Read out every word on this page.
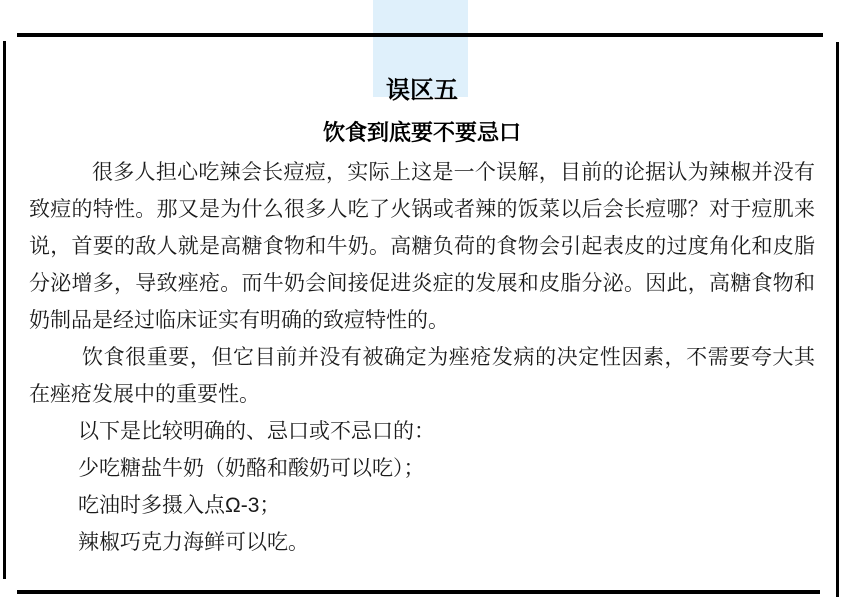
误区五
饮食到底要不要忌口

很多人担心吃辣会长痘痘，实际上这是一个误解，目前的论据认为辣椒并没有致痘的特性。那又是为什么很多人吃了火锅或者辣的饭菜以后会长痘哪？对于痘肌来说，首要的敌人就是高糖食物和牛奶。高糖负荷的食物会引起表皮的过度角化和皮脂分泌增多，导致痤疮。而牛奶会间接促进炎症的发展和皮脂分泌。因此，高糖食物和奶制品是经过临床证实有明确的致痘特性的。

饮食很重要，但它目前并没有被确定为痤疮发病的决定性因素，不需要夸大其在痤疮发展中的重要性。

以下是比较明确的、忌口或不忌口的：

少吃糖盐牛奶（奶酪和酸奶可以吃）；

吃油时多摄入点Ω-3；

辣椒巧克力海鲜可以吃。
